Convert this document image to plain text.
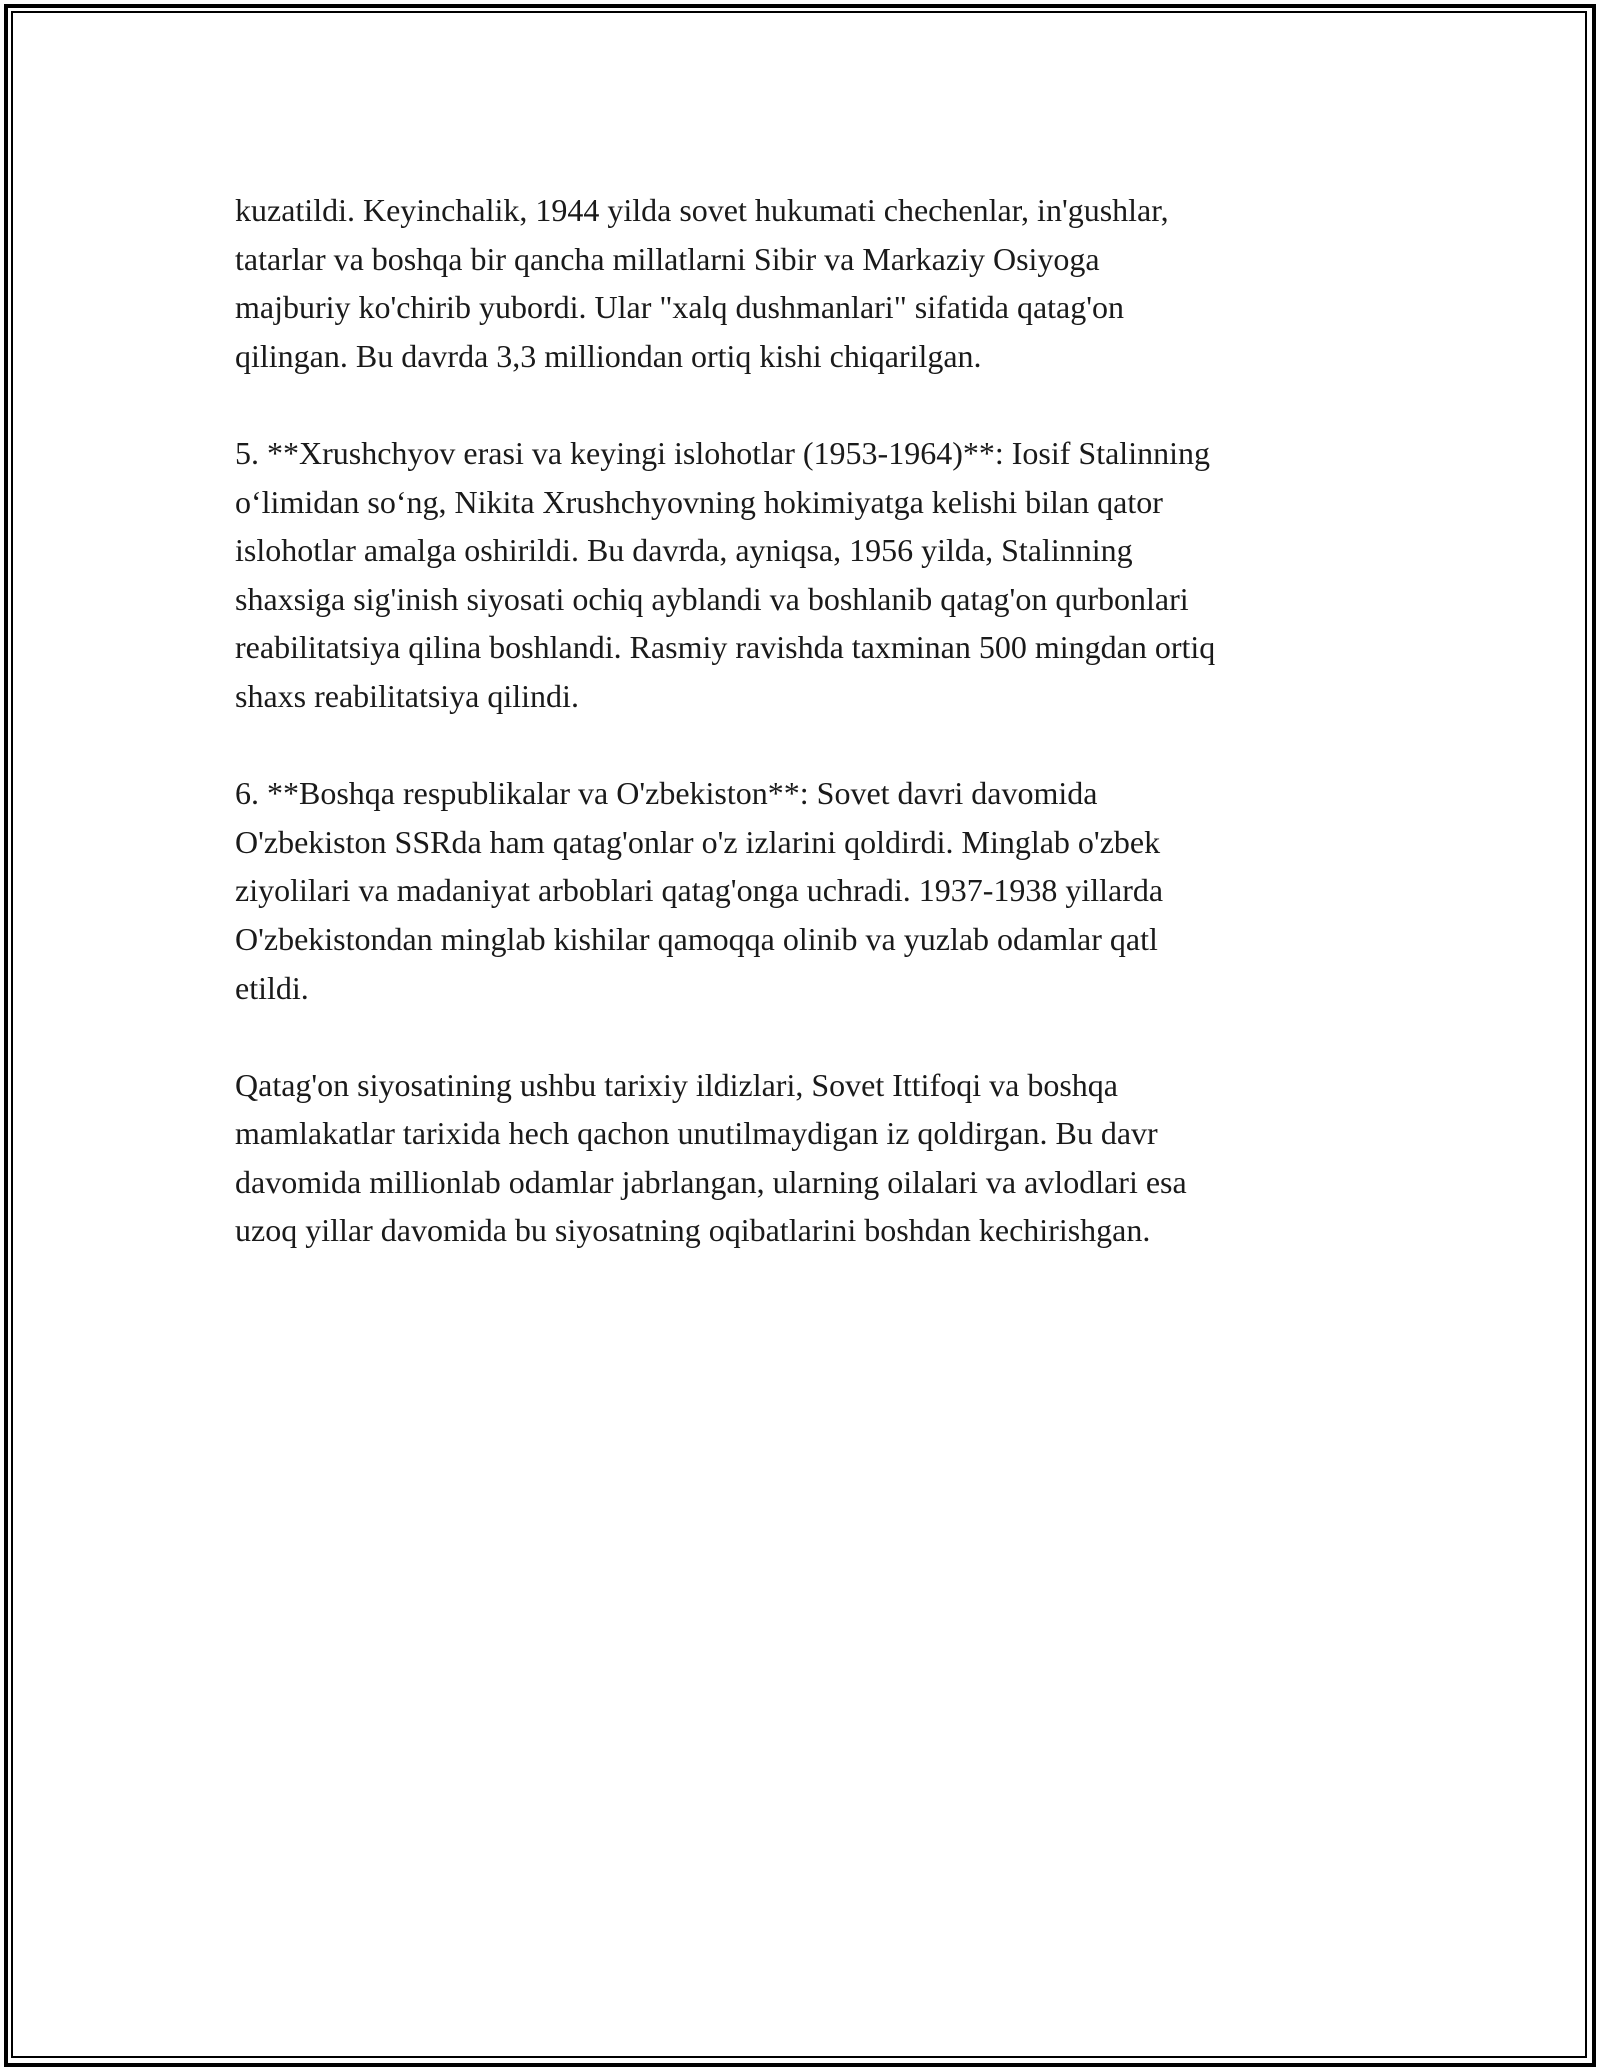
kuzatildi. Keyinchalik, 1944 yilda sovet hukumati chechenlar, in'gushlar,
tatarlar va boshqa bir qancha millatlarni Sibir va Markaziy Osiyoga
majburiy ko'chirib yubordi. Ular "xalq dushmanlari" sifatida qatag'on
qilingan. Bu davrda 3,3 milliondan ortiq kishi chiqarilgan.

5. **Xrushchyov erasi va keyingi islohotlar (1953-1964)**: Iosif Stalinning
o‘limidan so‘ng, Nikita Xrushchyovning hokimiyatga kelishi bilan qator
islohotlar amalga oshirildi. Bu davrda, ayniqsa, 1956 yilda, Stalinning
shaxsiga sig'inish siyosati ochiq ayblandi va boshlanib qatag'on qurbonlari
reabilitatsiya qilina boshlandi. Rasmiy ravishda taxminan 500 mingdan ortiq
shaxs reabilitatsiya qilindi.

6. **Boshqa respublikalar va O'zbekiston**: Sovet davri davomida
O'zbekiston SSRda ham qatag'onlar o'z izlarini qoldirdi. Minglab o'zbek
ziyolilari va madaniyat arboblari qatag'onga uchradi. 1937-1938 yillarda
O'zbekistondan minglab kishilar qamoqqa olinib va yuzlab odamlar qatl
etildi.

Qatag'on siyosatining ushbu tarixiy ildizlari, Sovet Ittifoqi va boshqa
mamlakatlar tarixida hech qachon unutilmaydigan iz qoldirgan. Bu davr
davomida millionlab odamlar jabrlangan, ularning oilalari va avlodlari esa
uzoq yillar davomida bu siyosatning oqibatlarini boshdan kechirishgan.
